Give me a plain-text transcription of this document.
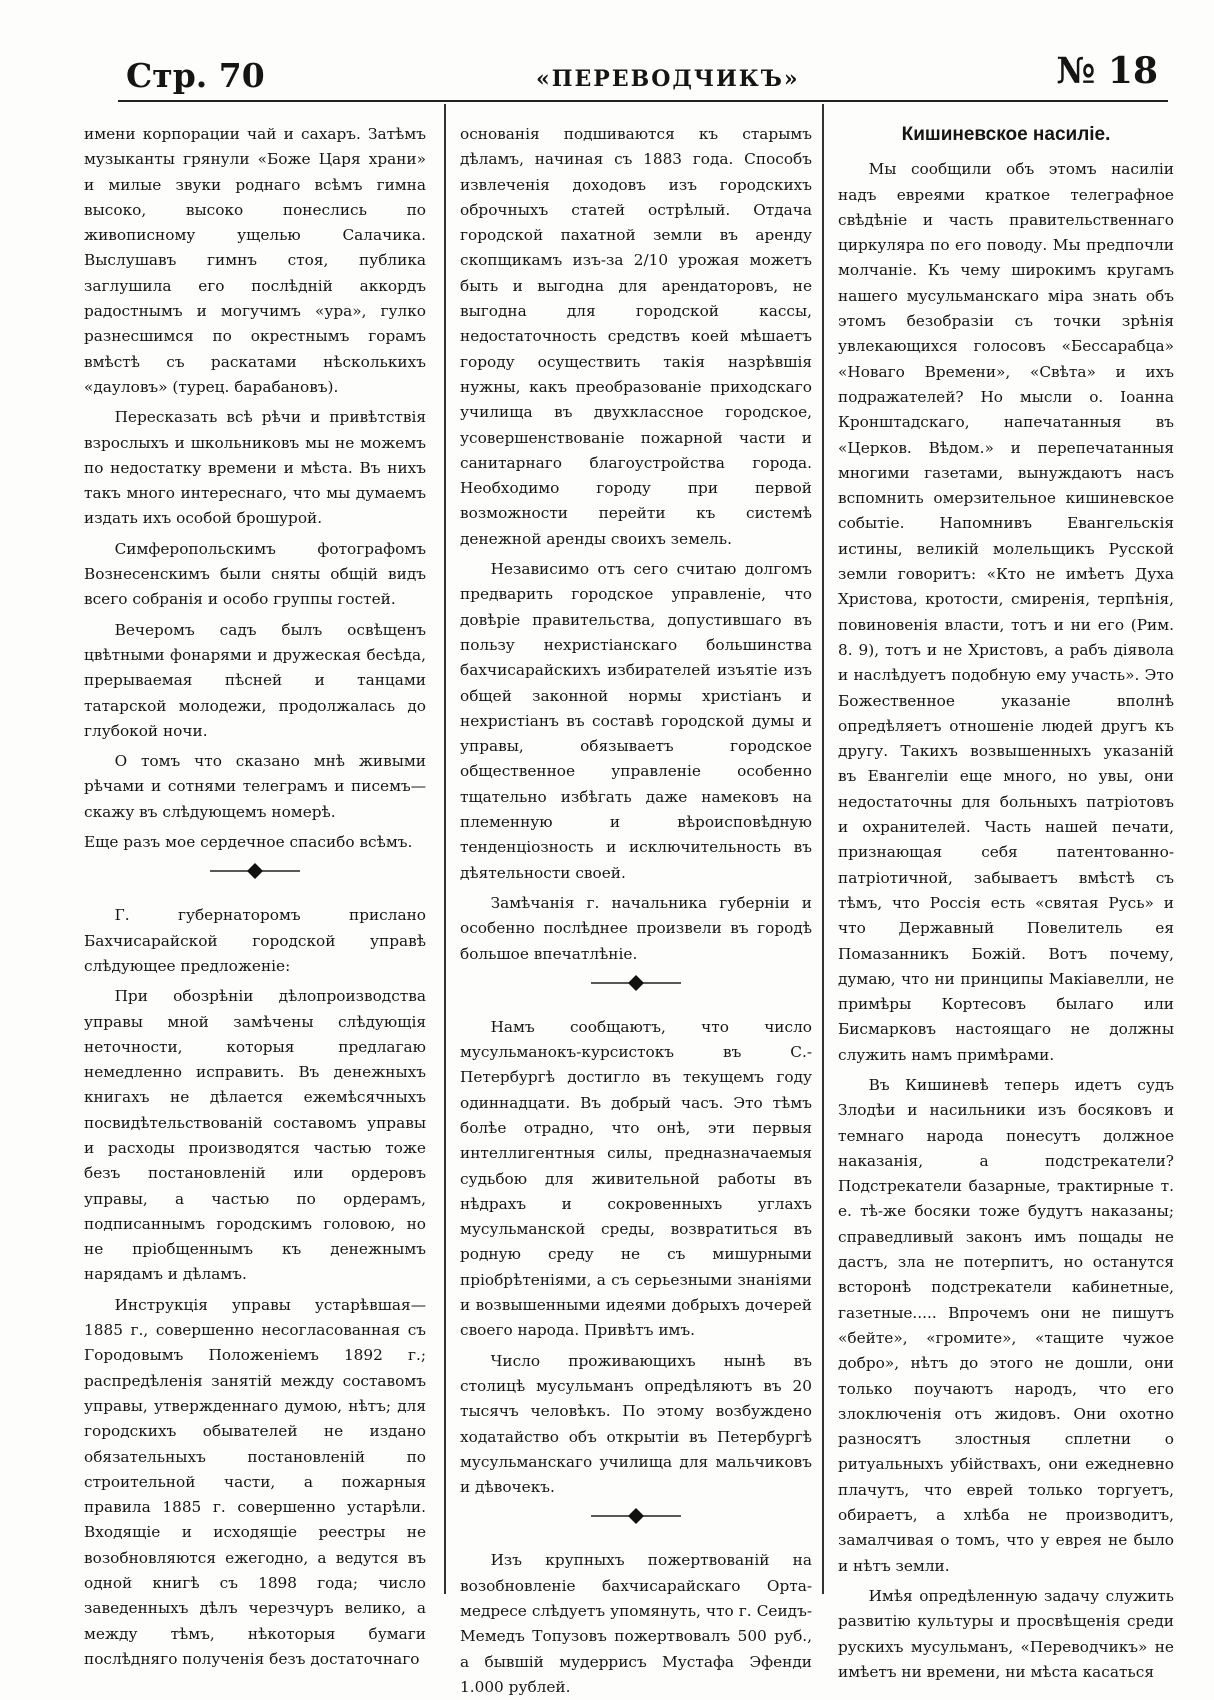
Стр. 70	«ПЕРЕВОДЧИКЪ»	№ 18

имени корпорации чай и сахаръ. Затѣмъ музыканты грянули «Боже Царя храни» и милые звуки роднаго всѣмъ гимна высоко, высоко понеслись по живописному ущелью Салачика. Выслушавъ гимнъ стоя, публика заглушила его послѣдній аккордъ радостнымъ и могучимъ «ура», гулко разнесшимся по окрестнымъ горамъ вмѣстѣ съ раскатами нѣсколькихъ «дауловъ» (турец. барабановъ).

Пересказать всѣ рѣчи и привѣтствія взрослыхъ и школьниковъ мы не можемъ по недостатку времени и мѣста. Въ нихъ такъ много интереснаго, что мы думаемъ издать ихъ особой брошурой.

Симферопольскимъ фотографомъ Вознесенскимъ были сняты общій видъ всего собранія и особо группы гостей.

Вечеромъ садъ былъ освѣщенъ цвѣтными фонарями и дружеская бесѣда, прерываемая пѣсней и танцами татарской молодежи, продолжалась до глубокой ночи.

О томъ что сказано мнѣ живыми рѣчами и сотнями телеграмъ и писемъ—скажу въ слѣдующемъ номерѣ.

Еще разъ мое сердечное спасибо всѣмъ.

Г. губернаторомъ прислано Бахчисарайской городской управѣ слѣдующее предложеніе:

При обозрѣніи дѣлопроизводства управы мной замѣчены слѣдующія неточности, которыя предлагаю немедленно исправить. Въ денежныхъ книгахъ не дѣлается ежемѣсячныхъ посвидѣтельствованій составомъ управы и расходы производятся частью тоже безъ постановленій или ордеровъ управы, а частью по ордерамъ, подписаннымъ городскимъ головою, но не пріобщеннымъ къ денежнымъ нарядамъ и дѣламъ.

Инструкція управы устарѣвшая—1885 г., совершенно несогласованная съ Городовымъ Положеніемъ 1892 г.; распредѣленія занятій между составомъ управы, утвержденнаго думою, нѣтъ; для городскихъ обывателей не издано обязательныхъ постановленій по строительной части, а пожарныя правила 1885 г. совершенно устарѣли. Входящіе и исходящіе реестры не возобновляются ежегодно, а ведутся въ одной книгѣ съ 1898 года; число заведенныхъ дѣлъ черезчуръ велико, а между тѣмъ, нѣкоторыя бумаги послѣдняго полученія безъ достаточнаго

основанія подшиваются къ старымъ дѣламъ, начиная съ 1883 года. Способъ извлеченія доходовъ изъ городскихъ оброчныхъ статей острѣлый. Отдача городской пахатной земли въ аренду скопщикамъ изъ-за 2/10 урожая можетъ быть и выгодна для арендаторовъ, не выгодна для городской кассы, недостаточность средствъ коей мѣшаетъ городу осуществить такія назрѣвшія нужны, какъ преобразованіе приходскаго училища въ двухклассное городское, усовершенствованіе пожарной части и санитарнаго благоустройства города. Необходимо городу при первой возможности перейти къ системѣ денежной аренды своихъ земель.

Независимо отъ сего считаю долгомъ предварить городское управленіе, что довѣріе правительства, допустившаго въ пользу нехристіанскаго большинства бахчисарайскихъ избирателей изъятіе изъ общей законной нормы христіанъ и нехристіанъ въ составѣ городской думы и управы, обязываетъ городское общественное управленіе особенно тщательно избѣгать даже намековъ на племенную и вѣроисповѣдную тенденціозность и исключительность въ дѣятельности своей.

Замѣчанія г. начальника губерніи и особенно послѣднее произвели въ городѣ большое впечатлѣніе.

Намъ сообщаютъ, что число мусульманокъ-курсистокъ въ С.-Петербургѣ достигло въ текущемъ году одиннадцати. Въ добрый часъ. Это тѣмъ болѣе отрадно, что онѣ, эти первыя интеллигентныя силы, предназначаемыя судьбою для живительной работы въ нѣдрахъ и сокровенныхъ углахъ мусульманской среды, возвратиться въ родную среду не съ мишурными пріобрѣтеніями, а съ серьезными знаніями и возвышенными идеями добрыхъ дочерей своего народа. Привѣтъ имъ.

Число проживающихъ нынѣ въ столицѣ мусульманъ опредѣляютъ въ 20 тысячъ человѣкъ. По этому возбуждено ходатайство объ открытіи въ Петербургѣ мусульманскаго училища для мальчиковъ и дѣвочекъ.

Изъ крупныхъ пожертвованій на возобновленіе бахчисарайскаго Орта-медресе слѣдуетъ упомянуть, что г. Сеидъ-Мемедъ Топузовъ пожертвовалъ 500 руб., а бывшій мудеррисъ Мустафа Эфенди 1.000 рублей.

Кишиневское насиліе.

Мы сообщили объ этомъ насиліи надъ евреями краткое телеграфное свѣдѣніе и часть правительственнаго циркуляра по его поводу. Мы предпочли молчаніе. Къ чему широкимъ кругамъ нашего мусульманскаго міра знать объ этомъ безобразіи съ точки зрѣнія увлекающихся голосовъ «Бессарабца» «Новаго Времени», «Свѣта» и ихъ подражателей? Но мысли о. Іоанна Кронштадскаго, напечатанныя въ «Церков. Вѣдом.» и перепечатанныя многими газетами, вынуждаютъ насъ вспомнить омерзительное кишиневское событіе. Напомнивъ Евангельскія истины, великій молельщикъ Русской земли говоритъ: «Кто не имѣетъ Духа Христова, кротости, смиренія, терпѣнія, повиновенія власти, тотъ и ни его (Рим. 8. 9), тотъ и не Христовъ, а рабъ діявола и наслѣдуетъ подобную ему участь». Это Божественное указаніе вполнѣ опредѣляетъ отношеніе людей другъ къ другу. Такихъ возвышенныхъ указаній въ Евангеліи еще много, но увы, они недостаточны для больныхъ патріотовъ и охранителей. Часть нашей печати, признающая себя патентованно-патріотичной, забываетъ вмѣстѣ съ тѣмъ, что Россія есть «святая Русь» и что Державный Повелитель ея Помазанникъ Божій. Вотъ почему, думаю, что ни принципы Макіавелли, не примѣры Кортесовъ былаго или Бисмарковъ настоящаго не должны служить намъ примѣрами.

Въ Кишиневѣ теперь идетъ судъ Злодѣи и насильники изъ босяковъ и темнаго народа понесутъ должное наказанія, а подстрекатели? Подстрекатели базарные, трактирные т. е. тѣ-же босяки тоже будутъ наказаны; справедливый законъ имъ пощады не дастъ, зла не потерпитъ, но останутся всторонѣ подстрекатели кабинетные, газетные..... Впрочемъ они не пишутъ «бейте», «громите», «тащите чужое добро», нѣтъ до этого не дошли, они только поучаютъ народъ, что его злоключенія отъ жидовъ. Они охотно разносятъ злостныя сплетни о ритуальныхъ убійствахъ, они ежедневно плачутъ, что еврей только торгуетъ, обираетъ, а хлѣба не производитъ, замалчивая о томъ, что у еврея не было и нѣтъ земли.

Имѣя опредѣленную задачу служить развитію культуры и просвѣщенія среди рускихъ мусульманъ, «Переводчикъ» не имѣетъ ни времени, ни мѣста касаться
